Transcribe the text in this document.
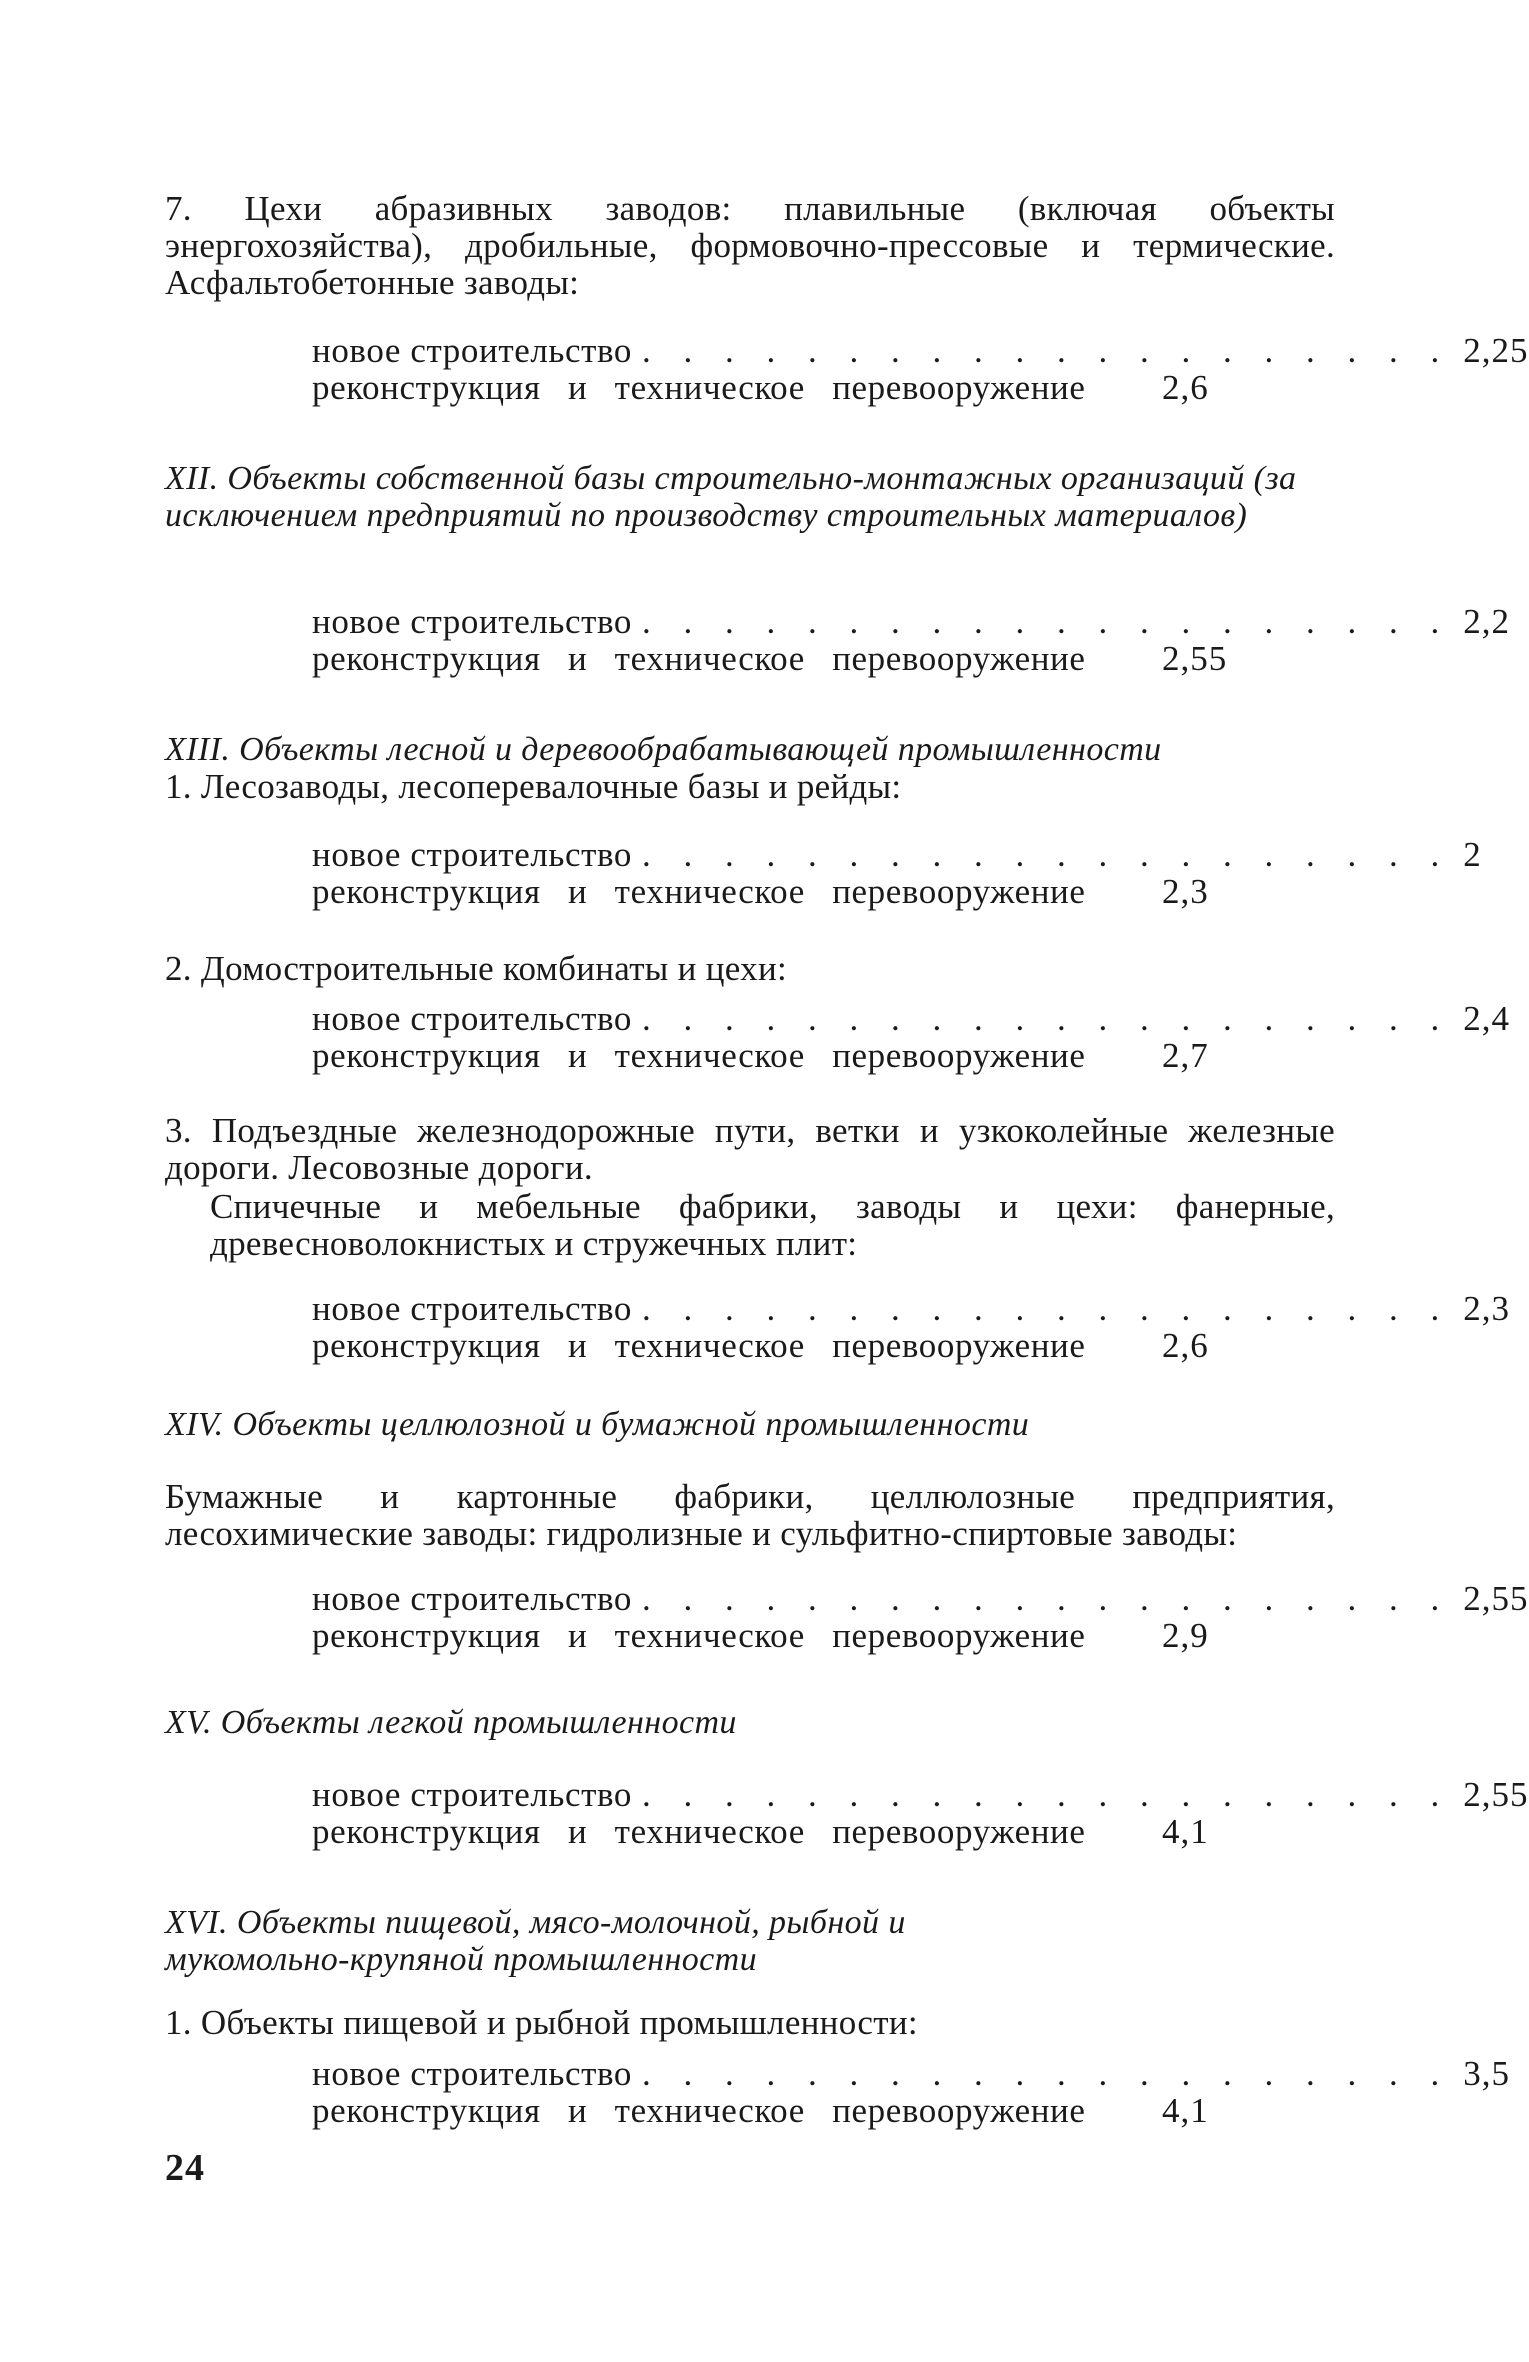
7. Цехи абразивных заводов: плавильные (включая объекты энергохозяйства), дробильные, формовочно-прессовые и термические. Асфальтобетонные заводы:
новое строительство . . . . . . . . . . . . . . . . . . . . 2,25
реконструкция и техническое перевооружение	2,6
XII. Объекты собственной базы строительно-монтажных организаций (за исключением предприятий по производству строительных материалов)
новое строительство . . . . . . . . . . . . . . . . . . . . 2,2
реконструкция и техническое перевооружение	2,55
XIII. Объекты лесной и деревообрабатывающей промышленности
1. Лесозаводы, лесоперевалочные базы и рейды:
новое строительство . . . . . . . . . . . . . . . . . . . . 2
реконструкция и техническое перевооружение	2,3
2. Домостроительные комбинаты и цехи:
новое строительство . . . . . . . . . . . . . . . . . . . . 2,4
реконструкция и техническое перевооружение	2,7
3. Подъездные железнодорожные пути, ветки и узкоколейные железные дороги. Лесовозные дороги.
Спичечные и мебельные фабрики, заводы и цехи: фанерные, древесноволокнистых и стружечных плит:
новое строительство . . . . . . . . . . . . . . . . . . . . 2,3
реконструкция и техническое перевооружение	2,6
XIV. Объекты целлюлозной и бумажной промышленности
Бумажные и картонные фабрики, целлюлозные предприятия, лесохимические заводы: гидролизные и сульфитно-спиртовые заводы:
новое строительство . . . . . . . . . . . . . . . . . . . . 2,55
реконструкция и техническое перевооружение	2,9
XV. Объекты легкой промышленности
новое строительство . . . . . . . . . . . . . . . . . . . . 2,55
реконструкция и техническое перевооружение	4,1
XVI. Объекты пищевой, мясо-молочной, рыбной и мукомольно-крупяной промышленности
1. Объекты пищевой и рыбной промышленности:
новое строительство . . . . . . . . . . . . . . . . . . . . 3,5
реконструкция и техническое перевооружение	4,1
24
